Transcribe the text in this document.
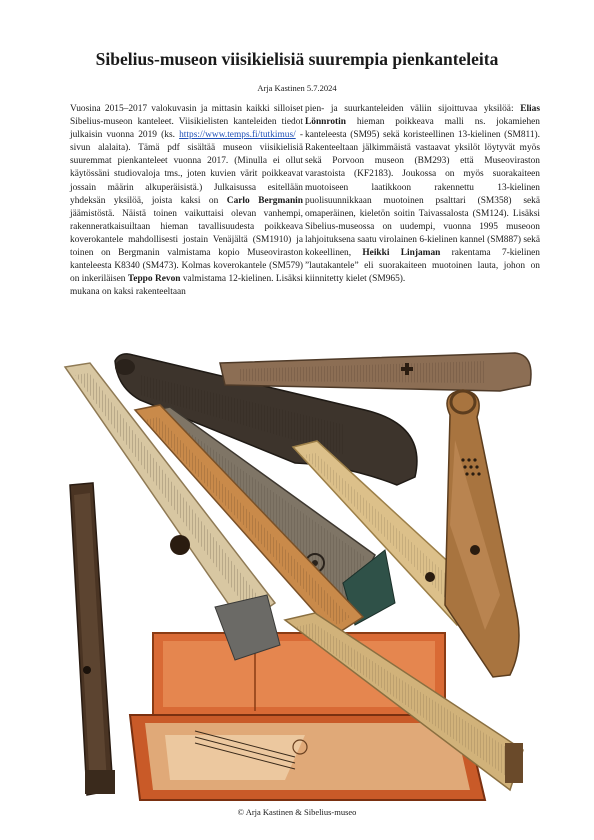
Sibelius-museon viisikielisiä suurempia pienkanteleita
Arja Kastinen 5.7.2024

Vuosina 2015–2017 valokuvasin ja mittasin kaikki silloiset Sibelius-museon kanteleet. Viisikielisten kanteleiden tiedot julkaisin vuonna 2019 (ks. https://www.temps.fi/tutkimus/ -sivun alalaita). Tämä pdf sisältää museon viisikielisiä suuremmat pienkanteleet vuonna 2017. (Minulla ei ollut käytössäni studiovaloja tms., joten kuvien värit poikkeavat jossain määrin alkuperäisistä.) Julkaisussa esitellään yhdeksän yksilöä, joista kaksi on Carlo Bergmanin jäämistöstä. Näistä toinen vaikuttaisi olevan vanhempi, rakenneratkaisuiltaan hieman tavallisuudesta poikkeava koverokantele mahdollisesti jostain Venäjältä (SM1910) ja toinen on Bergmanin valmistama kopio Museoviraston kanteleesta K8340 (SM473). Kolmas koverokantele (SM579) on inkeriläisen Teppo Revon valmistama 12-kielinen. Lisäksi mukana on kaksi rakenteeltaan

pien- ja suurkanteleiden väliin sijoittuvaa yksilöä: Elias Lönnrotin hieman poikkeava malli ns. jokamiehen kanteleesta (SM95) sekä koristeellinen 13-kielinen (SM811). Rakenteeltaan jälkimmäistä vastaavat yksilöt löytyvät myös sekä Porvoon museon (BM293) että Museoviraston varastoista (KF2183). Joukossa on myös suorakaiteen muotoiseen laatikkoon rakennettu 13-kielinen puolisuunnikkaan muotoinen psalttari (SM358) sekä omaperäinen, kieletön soitin Taivassalosta (SM124). Lisäksi Sibelius-museossa on uudempi, vuonna 1995 museoon lahjoituksena saatu virolainen 6-kielinen kannel (SM887) sekä kokeellinen, Heikki Linjaman rakentama 7-kielinen ”lautakantele” eli suorakaiteen muotoinen lauta, johon on kiinnitetty kielet (SM965).

© Arja Kastinen & Sibelius-museo
